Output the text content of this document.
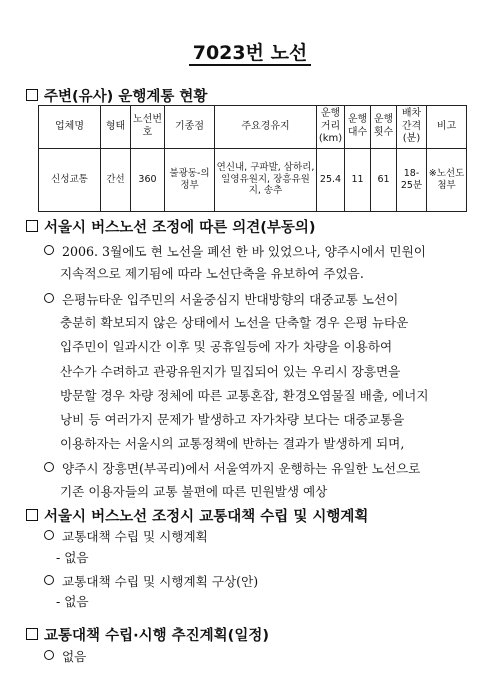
7023번 노선
주변(유사) 운행계통 현황
업체명	형태	노선번호	기종점	주요경유지	운행거리(km)	운행대수	운행횟수	배차간격(분)	비고
신성교통	간선	360	불광동-의정부	연신내, 구파발, 삼하리, 일영유원지, 장흥유원지, 송추	25.4	11	61	18-25분	※노선도 첨부
서울시 버스노선 조정에 따른 의견(부동의)
2006. 3월에도 현 노선을 폐선 한 바 있었으나, 양주시에서 민원이
지속적으로 제기됨에 따라 노선단축을 유보하여 주었음.
은평뉴타운 입주민의 서울중심지 반대방향의 대중교통 노선이
충분히 확보되지 않은 상태에서 노선을 단축할 경우 은평 뉴타운
입주민이 일과시간 이후 및 공휴일등에 자가 차량을 이용하여
산수가 수려하고 관광유원지가 밀집되어 있는 우리시 장흥면을
방문할 경우 차량 정체에 따른 교통혼잡, 환경오염물질 배출, 에너지
낭비 등 여러가지 문제가 발생하고 자가차량 보다는 대중교통을
이용하자는 서울시의 교통정책에 반하는 결과가 발생하게 되며,
양주시 장흥면(부곡리)에서 서울역까지 운행하는 유일한 노선으로
기존 이용자들의 교통 불편에 따른 민원발생 예상
서울시 버스노선 조정시 교통대책 수립 및 시행계획
교통대책 수립 및 시행계획
- 없음
교통대책 수립 및 시행계획 구상(안)
- 없음
교통대책 수립·시행 추진계획(일정)
없음
